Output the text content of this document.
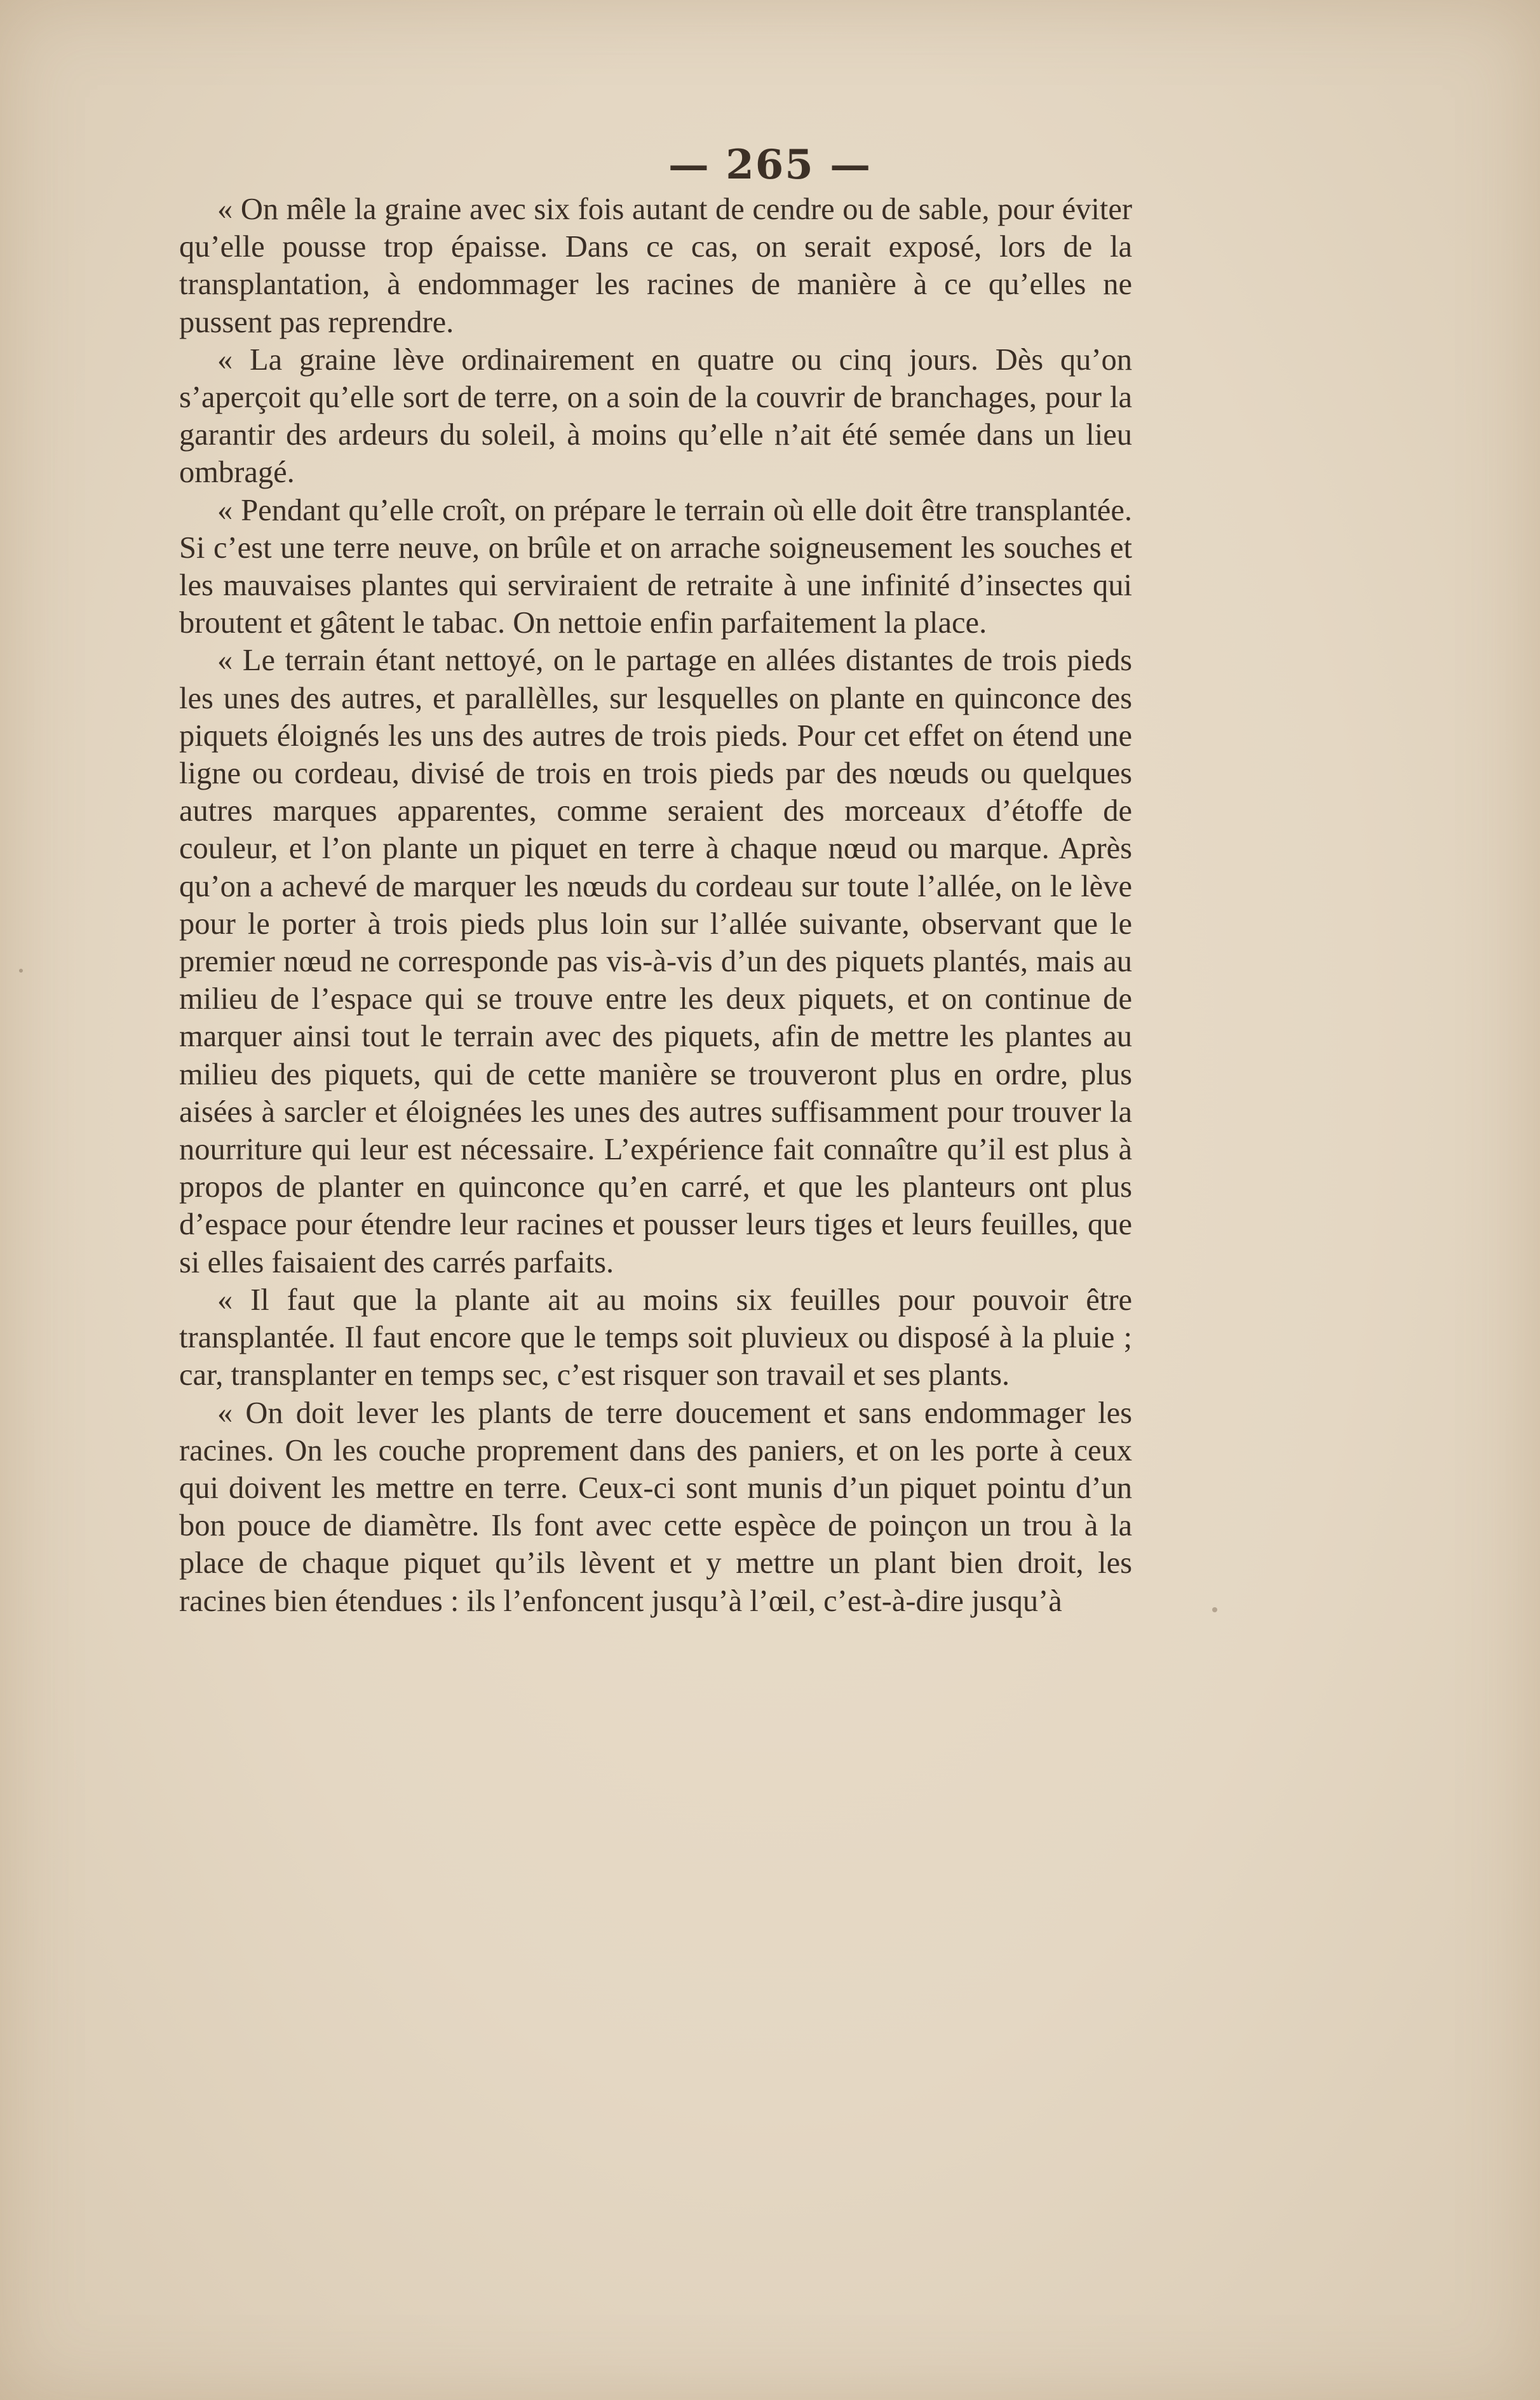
— 265 —

« On mêle la graine avec six fois autant de cendre ou de sable, pour éviter qu’elle pousse trop épaisse. Dans ce cas, on serait exposé, lors de la transplantation, à endommager les racines de manière à ce qu’elles ne pussent pas reprendre.

« La graine lève ordinairement en quatre ou cinq jours. Dès qu’on s’aperçoit qu’elle sort de terre, on a soin de la couvrir de branchages, pour la garantir des ardeurs du soleil, à moins qu’elle n’ait été semée dans un lieu ombragé.

« Pendant qu’elle croît, on prépare le terrain où elle doit être transplantée. Si c’est une terre neuve, on brûle et on arrache soigneusement les souches et les mauvaises plantes qui serviraient de retraite à une infinité d’insectes qui broutent et gâtent le tabac. On nettoie enfin parfaitement la place.

« Le terrain étant nettoyé, on le partage en allées distantes de trois pieds les unes des autres, et parallèlles, sur lesquelles on plante en quinconce des piquets éloignés les uns des autres de trois pieds. Pour cet effet on étend une ligne ou cordeau, divisé de trois en trois pieds par des nœuds ou quelques autres marques apparentes, comme seraient des morceaux d’étoffe de couleur, et l’on plante un piquet en terre à chaque nœud ou marque. Après qu’on a achevé de marquer les nœuds du cordeau sur toute l’allée, on le lève pour le porter à trois pieds plus loin sur l’allée suivante, observant que le premier nœud ne corresponde pas vis-à-vis d’un des piquets plantés, mais au milieu de l’espace qui se trouve entre les deux piquets, et on continue de marquer ainsi tout le terrain avec des piquets, afin de mettre les plantes au milieu des piquets, qui de cette manière se trouveront plus en ordre, plus aisées à sarcler et éloignées les unes des autres suffisamment pour trouver la nourriture qui leur est nécessaire. L’expérience fait connaître qu’il est plus à propos de planter en quinconce qu’en carré, et que les planteurs ont plus d’espace pour étendre leur racines et pousser leurs tiges et leurs feuilles, que si elles faisaient des carrés parfaits.

« Il faut que la plante ait au moins six feuilles pour pouvoir être transplantée. Il faut encore que le temps soit pluvieux ou disposé à la pluie ; car, transplanter en temps sec, c’est risquer son travail et ses plants.

« On doit lever les plants de terre doucement et sans endommager les racines. On les couche proprement dans des paniers, et on les porte à ceux qui doivent les mettre en terre. Ceux-ci sont munis d’un piquet pointu d’un bon pouce de diamètre. Ils font avec cette espèce de poinçon un trou à la place de chaque piquet qu’ils lèvent et y mettre un plant bien droit, les racines bien étendues : ils l’enfoncent jusqu’à l’œil, c’est-à-dire jusqu’à
